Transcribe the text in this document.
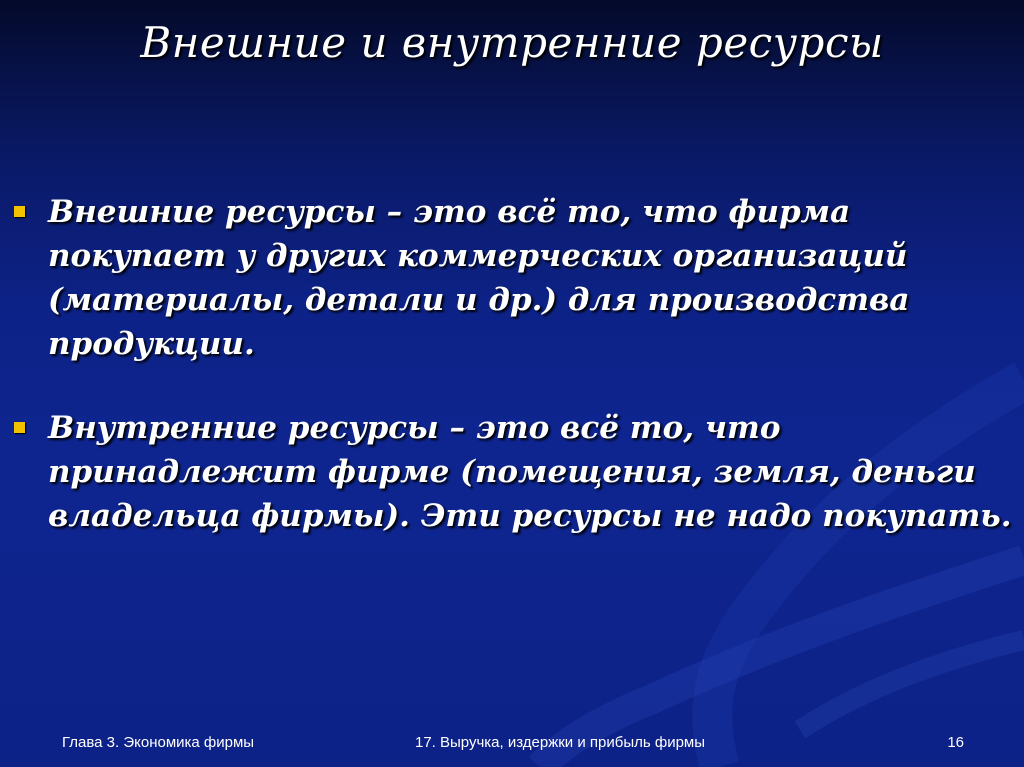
Внешние и внутренние ресурсы
Внешние ресурсы – это всё то, что фирма покупает у других коммерческих организаций (материалы, детали и др.) для производства продукции.
Внутренние ресурсы – это всё то, что принадлежит фирме (помещения, земля, деньги владельца фирмы). Эти ресурсы не надо покупать.
Глава 3. Экономика фирмы	17. Выручка, издержки и прибыль фирмы	16
